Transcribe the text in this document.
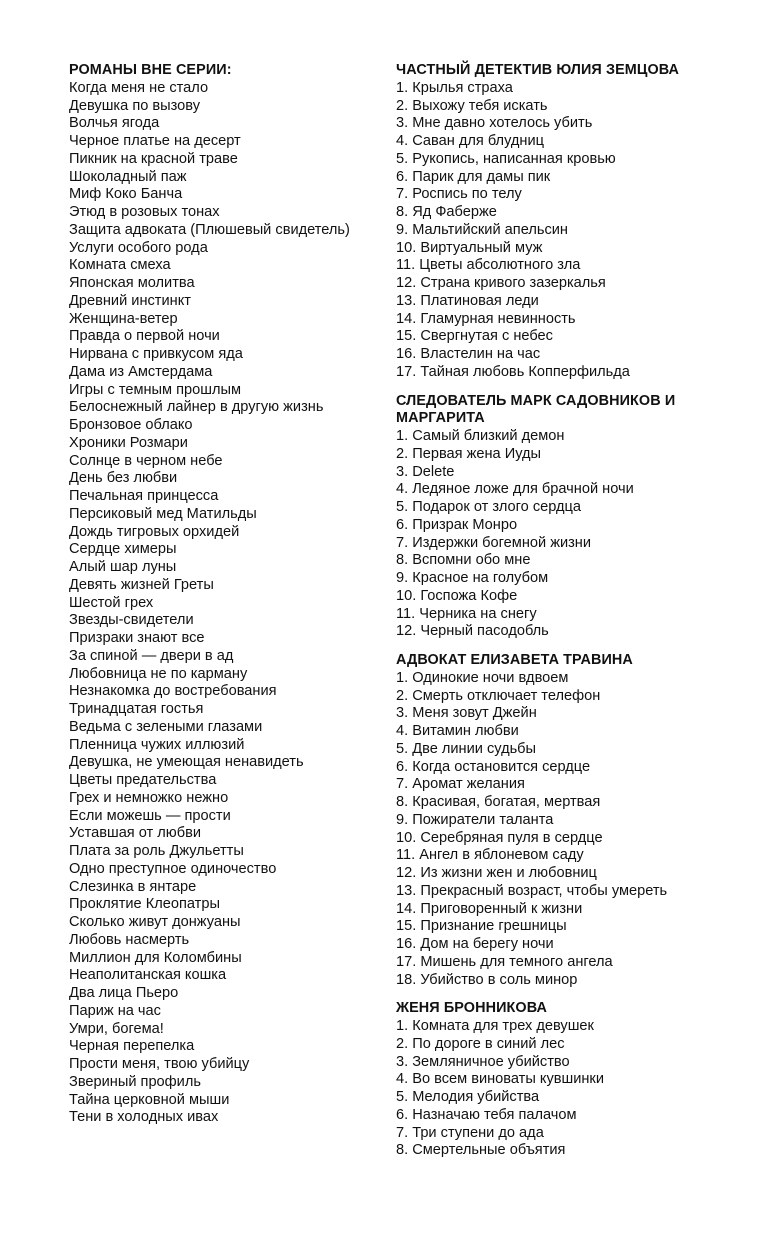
РОМАНЫ ВНЕ СЕРИИ:
Когда меня не стало
Девушка по вызову
Волчья ягода
Черное платье на десерт
Пикник на красной траве
Шоколадный паж
Миф Коко Банча
Этюд в розовых тонах
Защита адвоката (Плюшевый свидетель)
Услуги особого рода
Комната смеха
Японская молитва
Древний инстинкт
Женщина-ветер
Правда о первой ночи
Нирвана с привкусом яда
Дама из Амстердама
Игры с темным прошлым
Белоснежный лайнер в другую жизнь
Бронзовое облако
Хроники Розмари
Солнце в черном небе
День без любви
Печальная принцесса
Персиковый мед Матильды
Дождь тигровых орхидей
Сердце химеры
Алый шар луны
Девять жизней Греты
Шестой грех
Звезды-свидетели
Призраки знают все
За спиной — двери в ад
Любовница не по карману
Незнакомка до востребования
Тринадцатая гостья
Ведьма с зелеными глазами
Пленница чужих иллюзий
Девушка, не умеющая ненавидеть
Цветы предательства
Грех и немножко нежно
Если можешь — прости
Уставшая от любви
Плата за роль Джульетты
Одно преступное одиночество
Слезинка в янтаре
Проклятие Клеопатры
Сколько живут донжуаны
Любовь насмерть
Миллион для Коломбины
Неаполитанская кошка
Два лица Пьеро
Париж на час
Умри, богема!
Черная перепелка
Прости меня, твою убийцу
Звериный профиль
Тайна церковной мыши
Тени в холодных ивах
ЧАСТНЫЙ ДЕТЕКТИВ ЮЛИЯ ЗЕМЦОВА
1. Крылья страха
2. Выхожу тебя искать
3. Мне давно хотелось убить
4. Саван для блудниц
5. Рукопись, написанная кровью
6. Парик для дамы пик
7. Роспись по телу
8. Яд Фаберже
9. Мальтийский апельсин
10. Виртуальный муж
11. Цветы абсолютного зла
12. Страна кривого зазеркалья
13. Платиновая леди
14. Гламурная невинность
15. Свергнутая с небес
16. Властелин на час
17. Тайная любовь Копперфильда
СЛЕДОВАТЕЛЬ МАРК САДОВНИКОВ И МАРГАРИТА
1. Самый близкий демон
2. Первая жена Иуды
3. Delete
4. Ледяное ложе для брачной ночи
5. Подарок от злого сердца
6. Призрак Монро
7. Издержки богемной жизни
8. Вспомни обо мне
9. Красное на голубом
10. Госпожа Кофе
11. Черника на снегу
12. Черный пасодобль
АДВОКАТ ЕЛИЗАВЕТА ТРАВИНА
1. Одинокие ночи вдвоем
2. Смерть отключает телефон
3. Меня зовут Джейн
4. Витамин любви
5. Две линии судьбы
6. Когда остановится сердце
7. Аромат желания
8. Красивая, богатая, мертвая
9. Пожиратели таланта
10. Серебряная пуля в сердце
11. Ангел в яблоневом саду
12. Из жизни жен и любовниц
13. Прекрасный возраст, чтобы умереть
14. Приговоренный к жизни
15. Признание грешницы
16. Дом на берегу ночи
17. Мишень для темного ангела
18. Убийство в соль минор
ЖЕНЯ БРОННИКОВА
1. Комната для трех девушек
2. По дороге в синий лес
3. Земляничное убийство
4. Во всем виноваты кувшинки
5. Мелодия убийства
6. Назначаю тебя палачом
7. Три ступени до ада
8. Смертельные объятия
